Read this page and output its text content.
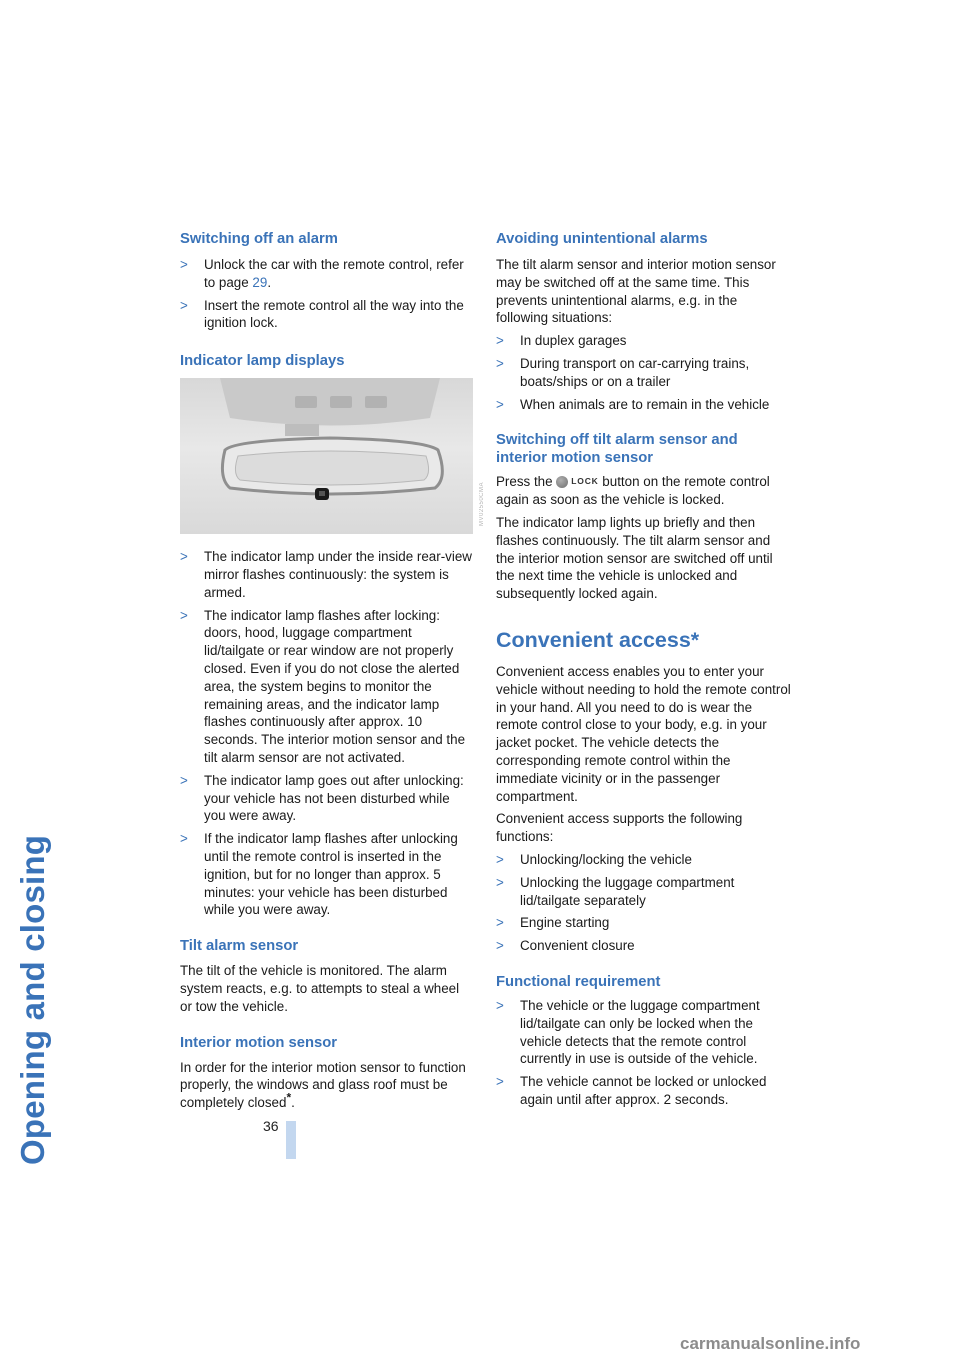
Opening and closing	36
Switching off an alarm

> Unlock the car with the remote control, refer to page 29.

> Insert the remote control all the way into the ignition lock.

Indicator lamp displays

> The indicator lamp under the inside rear-view mirror flashes continuously: the system is armed.

> The indicator lamp flashes after locking: doors, hood, luggage compartment lid/tailgate or rear window are not properly closed. Even if you do not close the alerted area, the system begins to monitor the remaining areas, and the indicator lamp flashes continuously after approx. 10 seconds. The interior motion sensor and the tilt alarm sensor are not activated.

> The indicator lamp goes out after unlocking: your vehicle has not been disturbed while you were away.

> If the indicator lamp flashes after unlocking until the remote control is inserted in the ignition, but for no longer than approx. 5 minutes: your vehicle has been disturbed while you were away.

Tilt alarm sensor

The tilt of the vehicle is monitored. The alarm system reacts, e.g. to attempts to steal a wheel or tow the vehicle.

Interior motion sensor

In order for the interior motion sensor to function properly, the windows and glass roof must be completely closed*.

MV02550CMA
Avoiding unintentional alarms

The tilt alarm sensor and interior motion sensor may be switched off at the same time. This prevents unintentional alarms, e.g. in the following situations:

> In duplex garages

> During transport on car-carrying trains, boats/ships or on a trailer

> When animals are to remain in the vehicle

Switching off tilt alarm sensor and interior motion sensor

Press the LOCK button on the remote control again as soon as the vehicle is locked.

The indicator lamp lights up briefly and then flashes continuously. The tilt alarm sensor and the interior motion sensor are switched off until the next time the vehicle is unlocked and subsequently locked again.

Convenient access*

Convenient access enables you to enter your vehicle without needing to hold the remote control in your hand. All you need to do is wear the remote control close to your body, e.g. in your jacket pocket. The vehicle detects the corresponding remote control within the immediate vicinity or in the passenger compartment.

Convenient access supports the following functions:

> Unlocking/locking the vehicle

> Unlocking the luggage compartment lid/tailgate separately

> Engine starting

> Convenient closure

Functional requirement

> The vehicle or the luggage compartment lid/tailgate can only be locked when the vehicle detects that the remote control currently in use is outside of the vehicle.

> The vehicle cannot be locked or unlocked again until after approx. 2 seconds.

carmanualsonline.info
